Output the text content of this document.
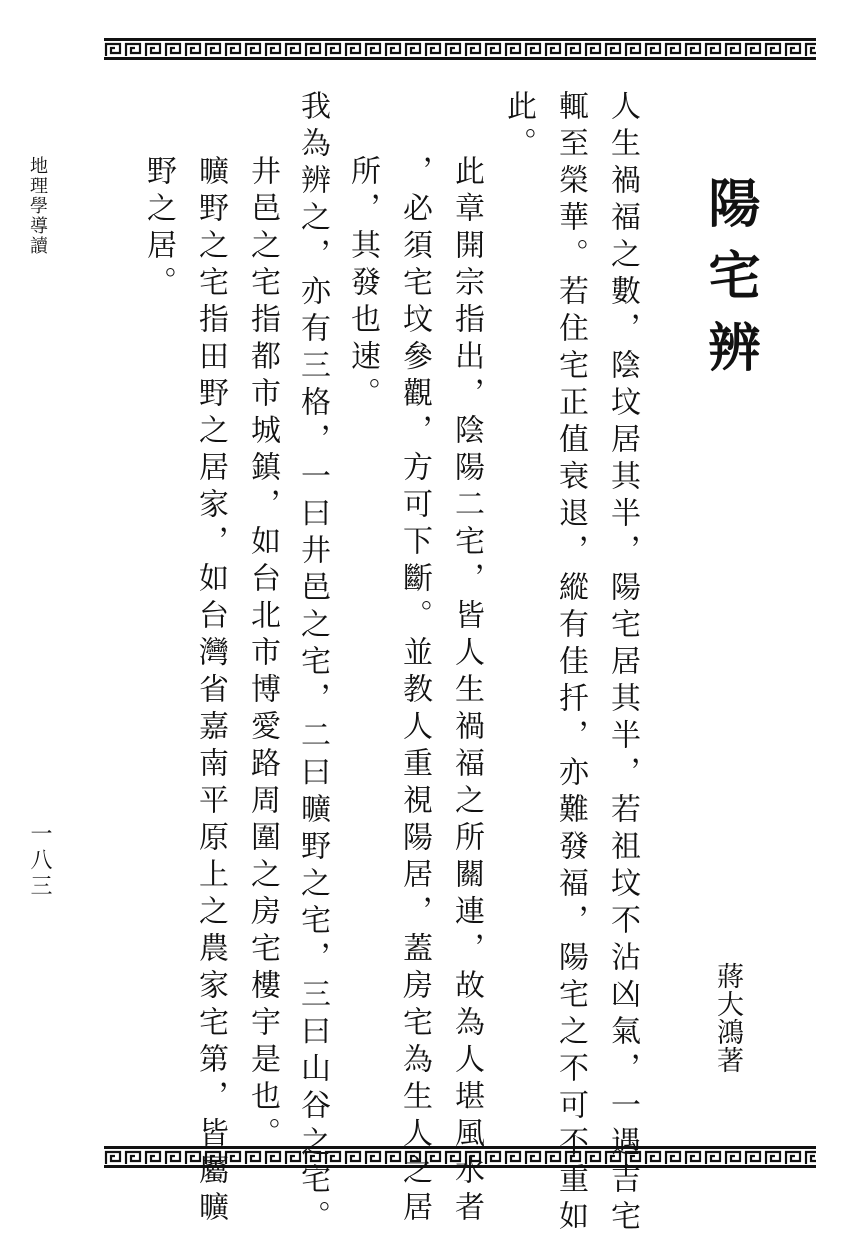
地理學導讀
一八三
陽宅辨
蔣大鴻著
人生禍福之數，陰坟居其半，陽宅居其半，若祖坟不沾凶氣，一遇吉宅
輒至榮華。若住宅正值衰退，縱有佳扦，亦難發福，陽宅之不可不重如
此。
此章開宗指出，陰陽二宅，皆人生禍福之所關連，故為人堪風水者
，必須宅坟參觀，方可下斷。並教人重視陽居，蓋房宅為生人之居
所，其發也速。
我為辨之，亦有三格，一曰井邑之宅，二曰曠野之宅，三曰山谷之宅。
井邑之宅指都市城鎮，如台北市博愛路周圍之房宅樓宇是也。
曠野之宅指田野之居家，如台灣省嘉南平原上之農家宅第，皆屬曠
野之居。
